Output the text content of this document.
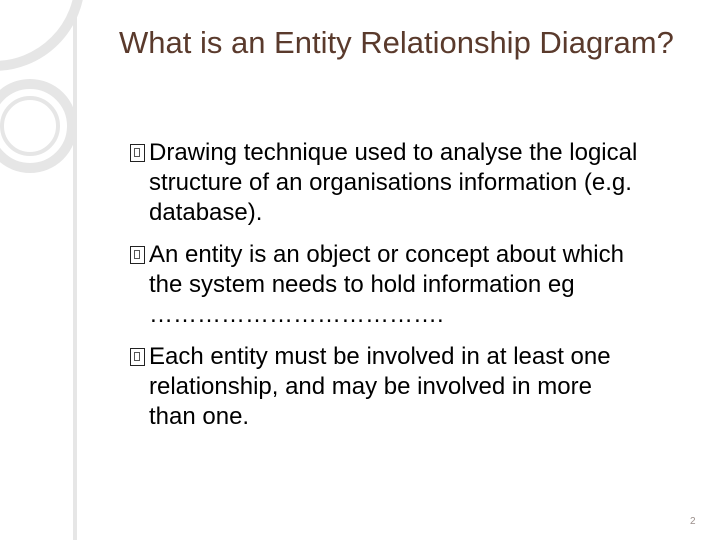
What is an Entity Relationship Diagram?
Drawing technique used to analyse the logical structure of an organisations information (e.g. database).
An entity is an object or concept about which the system needs to hold information eg ……………………………….
Each entity must be involved in at least one relationship, and may be involved in more than one.
2
